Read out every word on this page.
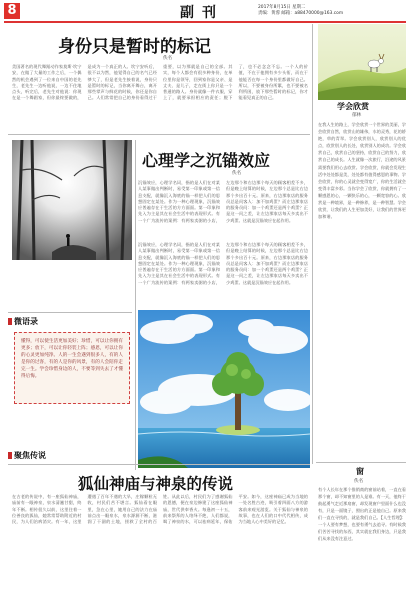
8	副刊	2017年8月15日 星期二
责编：黄蓉 邮箱：a88470000@163.com
身份只是暂时的标记
佚名
美国著名的现代舞蹈动作家莫斯·坎宁安，在做了大量的工作之后，一个偶然的机会遇到了一位来自中国的老先生，老先生一边听他说，一边不住地点头，听完后，老先生对他说：你现在是一个舞蹈家，但你最终要做的，是成为一个真正的人。坎宁安听后，很不以为然，他觉得自己的名气已经够大了，但是老先生接着说，身份只是暂时的标记，当你离开舞台，离开那些掌声与鲜花的时候，你还是你自己。人们常常把自己的身份看得过于重要，以为那就是自己的全部。其实，每个人都会有很多种身份，在单位里你是领导，回到家你是父亲、是丈夫、是儿子，走在街上你只是一个普通的路人。身份就像一件衣服，穿上了，就要承担相应的责任；脱下了，也不必念念不忘。一个人的价值，不在于他拥有多少头衔，而在于他能否在每一个身份里都做好自己。所以，不要被身份所累，也不要被名利所困，放下那些暂时的标记，你才能看见真正的自己。
学会欣赏
郁林
在我人生的路上，学会欣赏一个世界的美丽，学会欣赏自然，欣赏山的雄伟，水的灵秀，花的娇艳，草的青翠。学会欣赏别人，欣赏别人的优点，欣赏别人的长处，欣赏别人的成功。学会欣赏自己，欣赏自己的坚持，欣赏自己的努力，欣赏自己的成长。人生就像一次旅行，沿途的风景需要我们用心去欣赏。学会欣赏，你就会发现生活中处处都是美，处处都有值得感恩的事物。学会欣赏，你的心灵就会变得宽广，你的生活就会变得丰富多彩。当你学会了欣赏，你就拥有了一颗感恩的心，一颗快乐的心，一颗宽容的心。欣赏是一种境界，是一种修养，是一种智慧。学会欣赏，让我们的人生更加美好，让我们的世界更加和谐。
心理学之沉锚效应
佚名
沉锚效应，心理学名词，指的是人们在对某人某事做出判断时，易受第一印象或第一信息支配，就像沉入海底的锚一样把人们的思想固定在某处。作为一种心理现象，沉锚效应普遍存在于生活的方方面面。第一印象和先入为主是其在社会生活中的表现形式。有一个广为流传的案例：有两家卖粥的小店，左边那个和右边那个每天的顾客相差不多，但是晚上结算的时候，左边那个总是比右边那个多出百十元。原来，右边那家店的服务员总是问客人：加不加鸡蛋？而左边那家店的服务员问：加一个鸡蛋还是两个鸡蛋？正是这一问之差，让左边那家店每天多卖出不少鸡蛋。这就是沉锚效应在起作用。
沉锚效应，心理学名词，指的是人们在对某人某事做出判断时，易受第一印象或第一信息支配，就像沉入海底的锚一样把人们的思想固定在某处。作为一种心理现象，沉锚效应普遍存在于生活的方方面面。第一印象和先入为主是其在社会生活中的表现形式。有一个广为流传的案例：有两家卖粥的小店，左边那个和右边那个每天的顾客相差不多，但是晚上结算的时候，左边那个总是比右边那个多出百十元。原来，右边那家店的服务员总是问客人：加不加鸡蛋？而左边那家店的服务员问：加一个鸡蛋还是两个鸡蛋？正是这一问之差，让左边那家店每天多卖出不少鸡蛋。这就是沉锚效应在起作用。
微语录
懂得，可以使生活更加美好；珍惜，可以让你拥有更多；放下，可以让你轻装上阵；感恩，可以让你的心灵更加纯净。人的一生会遇到很多人，有的人是你的过客，有的人是你的风景，有的人会陪你走完一生。学会珍惜身边的人，不要等到失去了才懂得后悔。
聚焦传说
狐仙神庙与神泉的传说
在古老的传说中，有一座狐仙神庙，庙前有一眼神泉，泉水清澈甘甜，终年不断。相传很久以前，这里住着一位善良的狐仙，她常常帮助附近的村民，为人们治病消灾。有一年，这里遭遇了百年不遇的大旱，庄稼颗粒无收，村民们苦不堪言。狐仙看在眼里，急在心里，她用自己的法力在庙前点出一眼泉水，泉水源源不断，滋润了干涸的土地，拯救了全村的百姓。从此以后，村民们为了感谢狐仙的恩德，便在泉边修建了这座狐仙神庙，世代供奉香火。每逢初一十五，前来祭拜的人络绎不绝，人们都说，喝了神泉的水，可以祛病延年，保佑平安。如今，这座神庙已成为当地的一处名胜古迹，吸引着四面八方的游客前来观光游览。关于狐仙与神泉的故事，也在人们的口中代代相传，成为当地人心中美好的记忆。
窗
佚名
有个人长年在那个推销商的窗前站着，一直在看那个窗，却不知窗里的人是谁。有一天，他终于鼓起勇气走近那扇窗，却发现窗户里面什么也没有，只是一面镜子，照出的正是他自己。原来我们一直在寻找的，就是我们自己。【人生哲理】：一个人要有梦想，也要有勇气去追寻。有时候我们苦苦寻找的东西，其实就在我们身边，只是我们从来没有注意过。
